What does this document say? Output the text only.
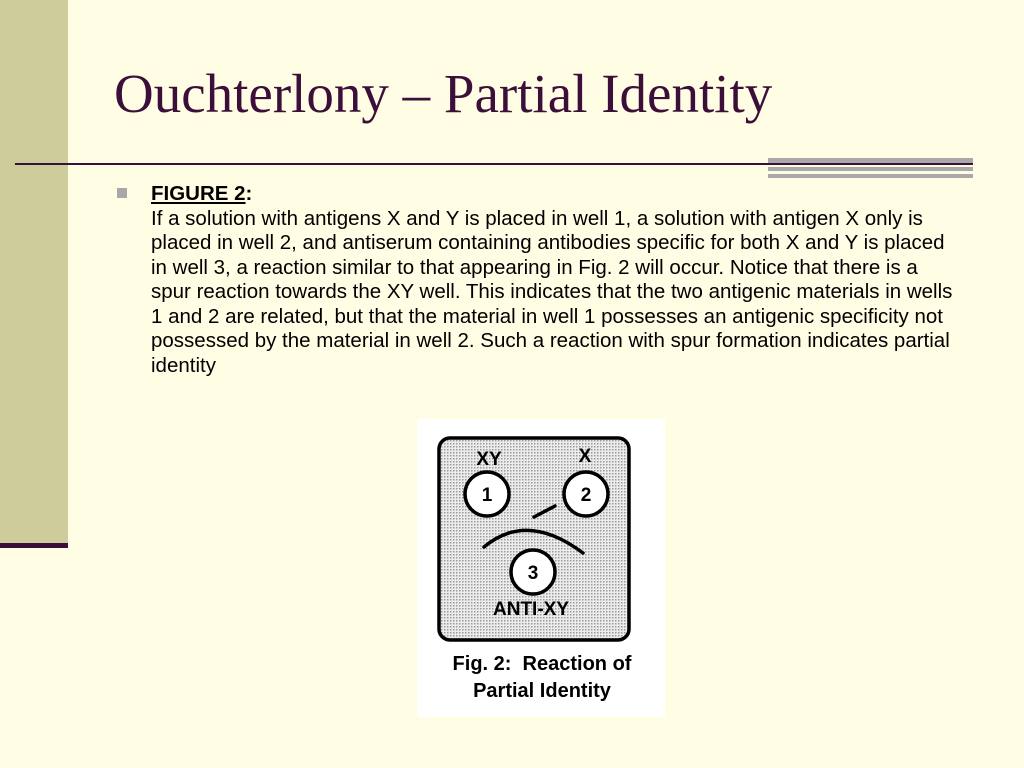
Ouchterlony – Partial Identity
FIGURE 2:
If a solution with antigens X and Y is placed in well 1, a solution with antigen X only is placed in well 2, and antiserum containing antibodies specific for both X and Y is placed in well 3, a reaction similar to that appearing in Fig. 2 will occur. Notice that there is a spur reaction towards the XY well. This indicates that the two antigenic materials in wells 1 and 2 are related, but that the material in well 1 possesses an antigenic specificity not possessed by the material in well 2. Such a reaction with spur formation indicates partial identity
XY	X
1	2
3
ANTI-XY
Fig. 2:  Reaction of
Partial Identity
